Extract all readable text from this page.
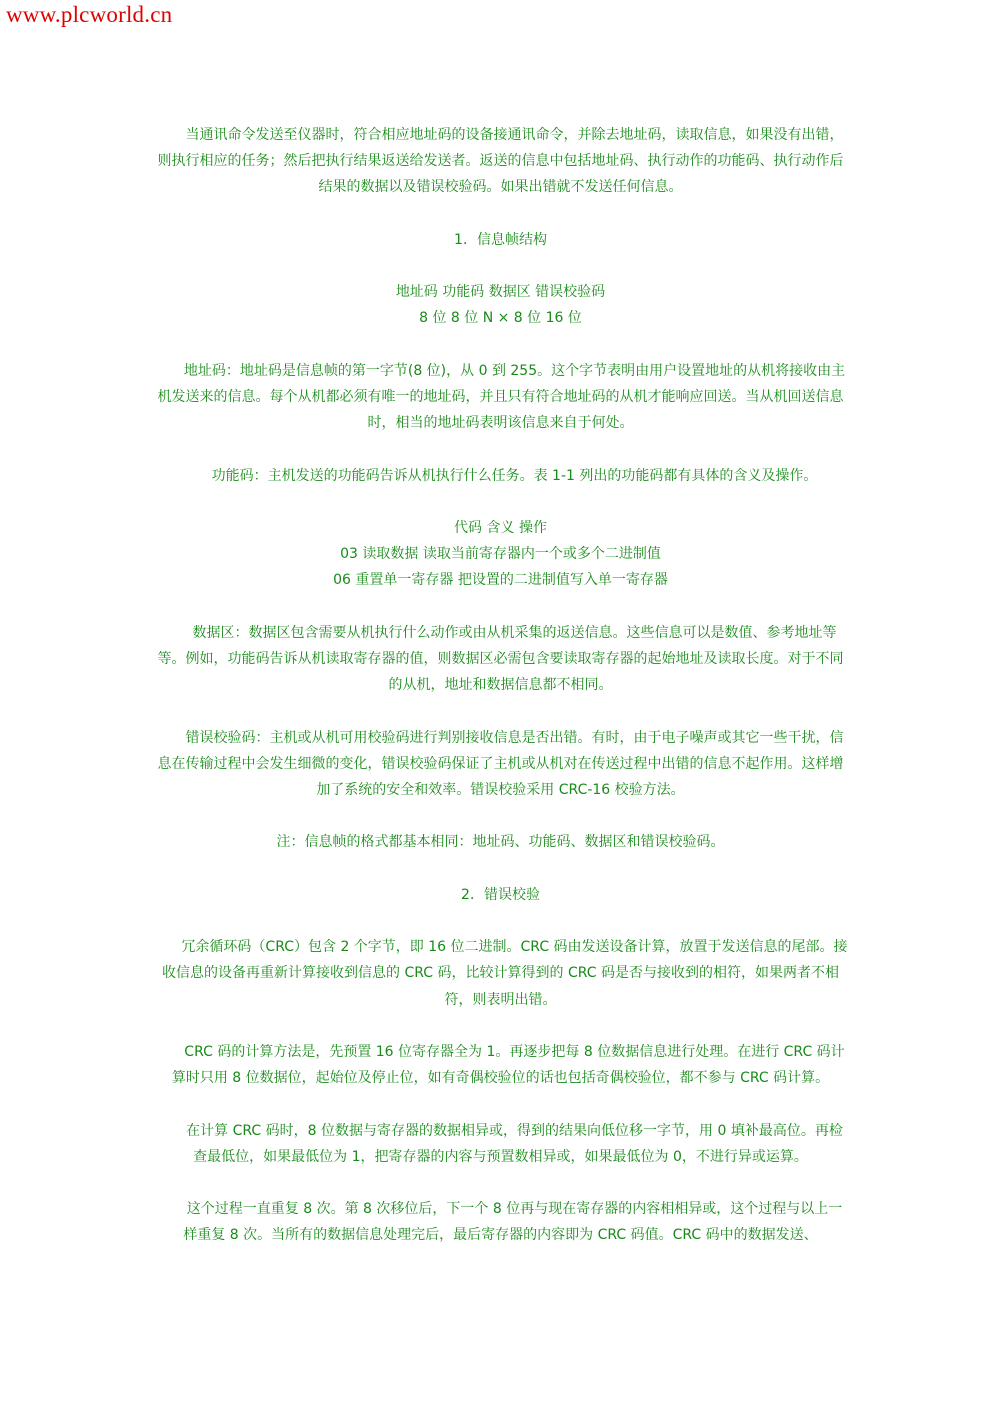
www.plcworld.cn

当通讯命令发送至仪器时，符合相应地址码的设备接通讯命令，并除去地址码，读取信息，如果没有出错，则执行相应的任务；然后把执行结果返送给发送者。返送的信息中包括地址码、执行动作的功能码、执行动作后结果的数据以及错误校验码。如果出错就不发送任何信息。

1．信息帧结构

地址码 功能码 数据区 错误校验码
8 位 8 位 N × 8 位 16 位

地址码：地址码是信息帧的第一字节(8 位)，从 0 到 255。这个字节表明由用户设置地址的从机将接收由主机发送来的信息。每个从机都必须有唯一的地址码，并且只有符合地址码的从机才能响应回送。当从机回送信息时，相当的地址码表明该信息来自于何处。

功能码：主机发送的功能码告诉从机执行什么任务。表 1-1 列出的功能码都有具体的含义及操作。

代码 含义 操作
03 读取数据 读取当前寄存器内一个或多个二进制值
06 重置单一寄存器 把设置的二进制值写入单一寄存器

数据区：数据区包含需要从机执行什么动作或由从机采集的返送信息。这些信息可以是数值、参考地址等等。例如，功能码告诉从机读取寄存器的值，则数据区必需包含要读取寄存器的起始地址及读取长度。对于不同的从机，地址和数据信息都不相同。

错误校验码：主机或从机可用校验码进行判别接收信息是否出错。有时，由于电子噪声或其它一些干扰，信息在传输过程中会发生细微的变化，错误校验码保证了主机或从机对在传送过程中出错的信息不起作用。这样增加了系统的安全和效率。错误校验采用 CRC-16 校验方法。

注：信息帧的格式都基本相同：地址码、功能码、数据区和错误校验码。

2．错误校验

冗余循环码（CRC）包含 2 个字节，即 16 位二进制。CRC 码由发送设备计算，放置于发送信息的尾部。接收信息的设备再重新计算接收到信息的 CRC 码，比较计算得到的 CRC 码是否与接收到的相符，如果两者不相符，则表明出错。

CRC 码的计算方法是，先预置 16 位寄存器全为 1。再逐步把每 8 位数据信息进行处理。在进行 CRC 码计算时只用 8 位数据位，起始位及停止位，如有奇偶校验位的话也包括奇偶校验位，都不参与 CRC 码计算。

在计算 CRC 码时，8 位数据与寄存器的数据相异或，得到的结果向低位移一字节，用 0 填补最高位。再检查最低位，如果最低位为 1，把寄存器的内容与预置数相异或，如果最低位为 0，不进行异或运算。

这个过程一直重复 8 次。第 8 次移位后，下一个 8 位再与现在寄存器的内容相相异或，这个过程与以上一样重复 8 次。当所有的数据信息处理完后，最后寄存器的内容即为 CRC 码值。CRC 码中的数据发送、
